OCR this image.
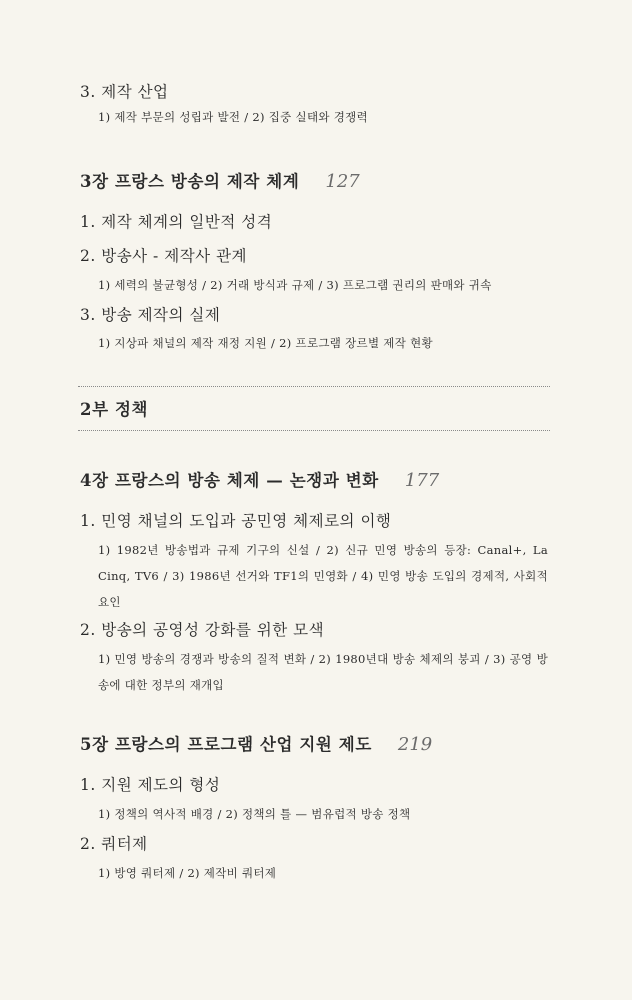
3. 제작 산업
1) 제작 부문의 성립과 발전 / 2) 집중 실태와 경쟁력
3장 프랑스 방송의 제작 체계 127
1. 제작 체계의 일반적 성격
2. 방송사 - 제작사 관계
1) 세력의 불균형성 / 2) 거래 방식과 규제 / 3) 프로그램 권리의 판매와 귀속
3. 방송 제작의 실제
1) 지상파 채널의 제작 재정 지원 / 2) 프로그램 장르별 제작 현황
2부 정책
4장 프랑스의 방송 체제 — 논쟁과 변화 177
1. 민영 채널의 도입과 공민영 체제로의 이행
1) 1982년 방송법과 규제 기구의 신설 / 2) 신규 민영 방송의 등장: Canal+, La Cinq, TV6 / 3) 1986년 선거와 TF1의 민영화 / 4) 민영 방송 도입의 경제적, 사회적 요인
2. 방송의 공영성 강화를 위한 모색
1) 민영 방송의 경쟁과 방송의 질적 변화 / 2) 1980년대 방송 체제의 붕괴 / 3) 공영 방송에 대한 정부의 재개입
5장 프랑스의 프로그램 산업 지원 제도 219
1. 지원 제도의 형성
1) 정책의 역사적 배경 / 2) 정책의 틀 — 범유럽적 방송 정책
2. 쿼터제
1) 방영 쿼터제 / 2) 제작비 쿼터제
